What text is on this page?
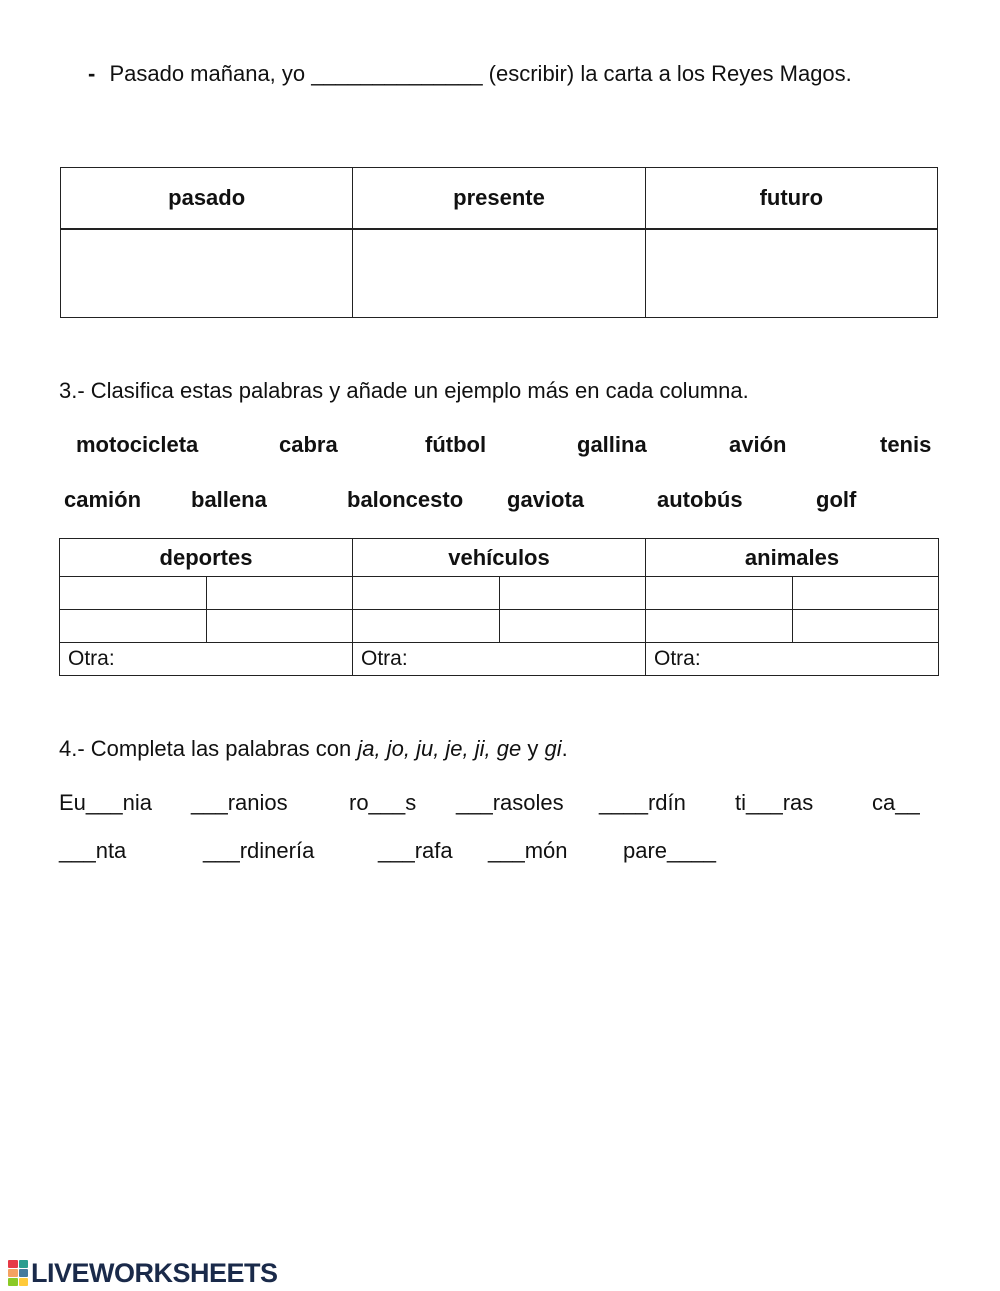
- Pasado mañana, yo ______________ (escribir) la carta a los Reyes Magos.
pasado	presente	futuro

3.- Clasifica estas palabras y añade un ejemplo más en cada columna.
motocicleta	cabra	fútbol	gallina	avión	tenis
camión ballena	baloncesto gaviota	autobús	golf
deportes		vehículos		animales	

Otra:		Otra:		Otra:	
4.- Completa las palabras con ja, jo, ju, je, ji, ge y gi.
Eu___nia ___ranios	ro___s ___rasoles ____rdín ti___ras	ca__
___nta	___rdinería	___rafa ___món	pare____
LIVEWORKSHEETS
